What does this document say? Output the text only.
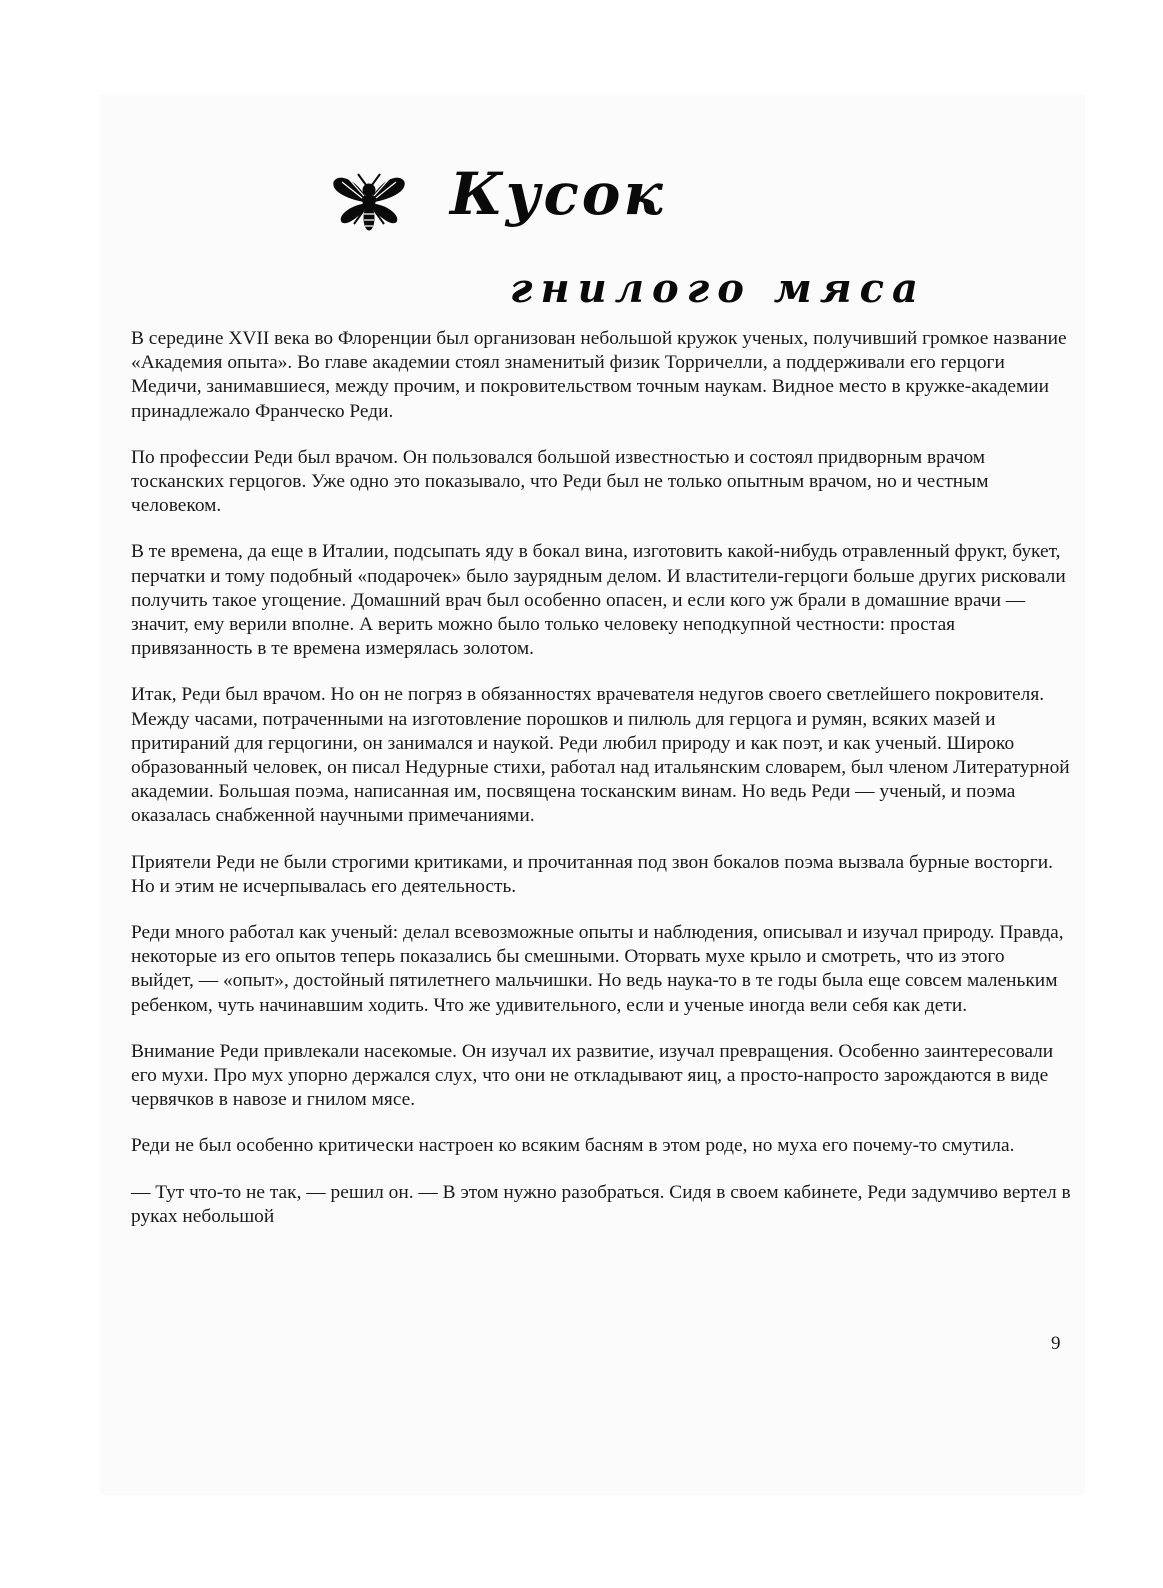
Кусок
гнилого мяса

В середине XVII века во Флоренции был организован небольшой кружок ученых, получивший громкое название «Академия опыта». Во главе академии стоял знаменитый физик Торричелли, а поддерживали его герцоги Медичи, занимавшиеся, между прочим, и покровительством точным наукам. Видное место в кружке-академии принадлежало Франческо Реди.

По профессии Реди был врачом. Он пользовался большой известностью и состоял придворным врачом тосканских герцогов. Уже одно это показывало, что Реди был не только опытным врачом, но и честным человеком.

В те времена, да еще в Италии, подсыпать яду в бокал вина, изготовить какой-нибудь отравленный фрукт, букет, перчатки и тому подобный «подарочек» было заурядным делом. И властители-герцоги больше других рисковали получить такое угощение. Домашний врач был особенно опасен, и если кого уж брали в домашние врачи — значит, ему верили вполне. А верить можно было только человеку неподкупной честности: простая привязанность в те времена измерялась золотом.

Итак, Реди был врачом. Но он не погряз в обязанностях врачевателя недугов своего светлейшего покровителя. Между часами, потраченными на изготовление порошков и пилюль для герцога и румян, всяких мазей и притираний для герцогини, он занимался и наукой. Реди любил природу и как поэт, и как ученый. Широко образованный человек, он писал Недурные стихи, работал над итальянским словарем, был членом Литературной академии. Большая поэма, написанная им, посвящена тосканским винам. Но ведь Реди — ученый, и поэма оказалась снабженной научными примечаниями.

Приятели Реди не были строгими критиками, и прочитанная под звон бокалов поэма вызвала бурные восторги. Но и этим не исчерпывалась его деятельность.

Реди много работал как ученый: делал всевозможные опыты и наблюдения, описывал и изучал природу. Правда, некоторые из его опытов теперь показались бы смешными. Оторвать мухе крыло и смотреть, что из этого выйдет, — «опыт», достойный пятилетнего мальчишки. Но ведь наука-то в те годы была еще совсем маленьким ребенком, чуть начинавшим ходить. Что же удивительного, если и ученые иногда вели себя как дети.

Внимание Реди привлекали насекомые. Он изучал их развитие, изучал превращения. Особенно заинтересовали его мухи. Про мух упорно держался слух, что они не откладывают яиц, а просто-напросто зарождаются в виде червячков в навозе и гнилом мясе.

Реди не был особенно критически настроен ко всяким басням в этом роде, но муха его почему-то смутила.

— Тут что-то не так, — решил он. — В этом нужно разобраться. Сидя в своем кабинете, Реди задумчиво вертел в руках небольшой

9
